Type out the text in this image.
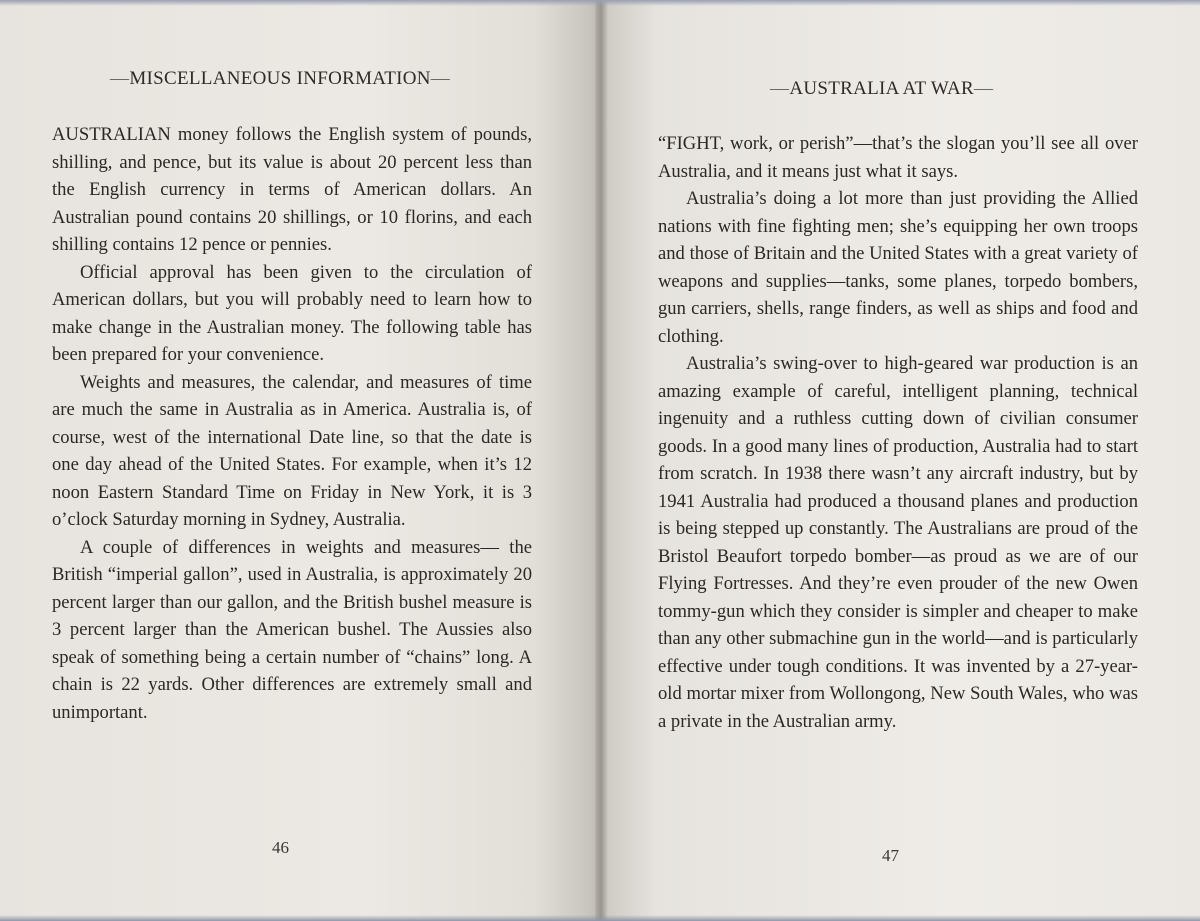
—MISCELLANEOUS INFORMATION—

AUSTRALIAN money follows the English system of pounds, shilling, and pence, but its value is about 20 percent less than the English currency in terms of American dollars. An Australian pound contains 20 shillings, or 10 florins, and each shilling contains 12 pence or pennies.

Official approval has been given to the circulation of American dollars, but you will probably need to learn how to make change in the Australian money. The following table has been prepared for your convenience.

Weights and measures, the calendar, and measures of time are much the same in Australia as in America. Australia is, of course, west of the international Date line, so that the date is one day ahead of the United States. For example, when it’s 12 noon Eastern Standard Time on Friday in New York, it is 3 o’clock Saturday morning in Sydney, Australia.

A couple of differences in weights and measures— the British “imperial gallon”, used in Australia, is approximately 20 percent larger than our gallon, and the British bushel measure is 3 percent larger than the American bushel. The Aussies also speak of something being a certain number of “chains” long. A chain is 22 yards. Other differences are extremely small and unimportant.

46
—AUSTRALIA AT WAR—

“FIGHT, work, or perish”—that’s the slogan you’ll see all over Australia, and it means just what it says.

Australia’s doing a lot more than just providing the Allied nations with fine fighting men; she’s equipping her own troops and those of Britain and the United States with a great variety of weapons and supplies—tanks, some planes, torpedo bombers, gun carriers, shells, range finders, as well as ships and food and clothing.

Australia’s swing-over to high-geared war production is an amazing example of careful, intelligent planning, technical ingenuity and a ruthless cutting down of civilian consumer goods. In a good many lines of production, Australia had to start from scratch. In 1938 there wasn’t any aircraft industry, but by 1941 Australia had produced a thousand planes and production is being stepped up constantly. The Australians are proud of the Bristol Beaufort torpedo bomber—as proud as we are of our Flying Fortresses. And they’re even prouder of the new Owen tommy-gun which they consider is simpler and cheaper to make than any other submachine gun in the world—and is particularly effective under tough conditions. It was invented by a 27-year-old mortar mixer from Wollongong, New South Wales, who was a private in the Australian army.

47
